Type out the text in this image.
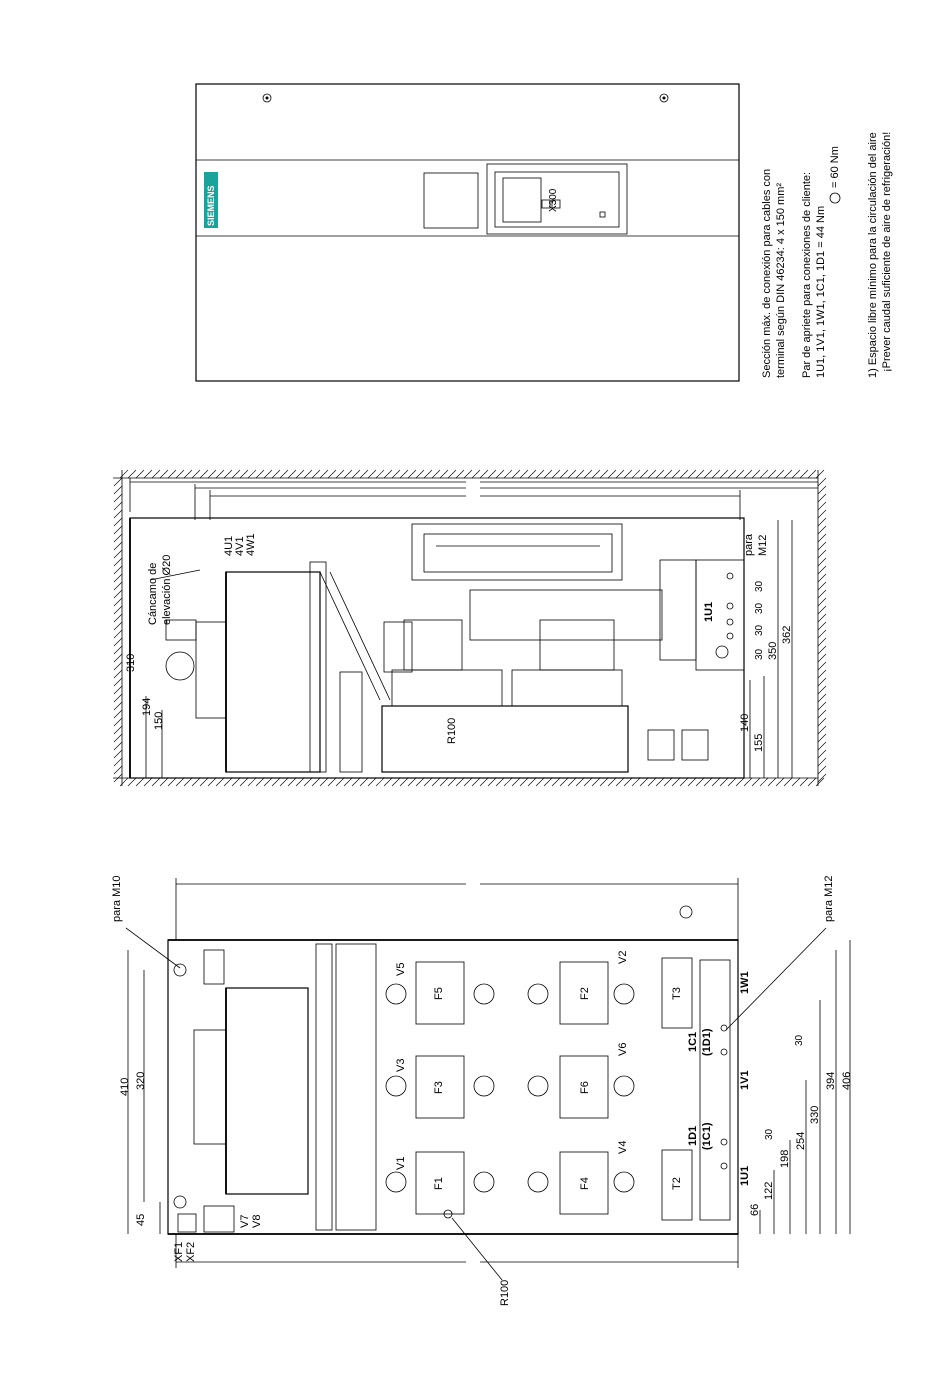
SIEMENS	X300	Sección máx. de conexión para cables con terminal según DIN 46234: 4 x 150 mm² Par de apriete para conexiones de cliente: 1U1, 1V1, 1W1, 1C1, 1D1 = 44 Nm
= 60 Nm 1) Espacio libre mínimo para la circulación del aire ¡Prever caudal suficiente de aire de refrigeración!
Cáncamo de elevación Ø20
4U1 4V1 4W1	para M12
1U1
R100
310
194
150	140
155
350
362
30
30
30
30
para M10	para M12
XF1 XF2
V1
V2
V3
V4
V5
V6
V7 V8
F1
F2
F3
F4
F5
F6
T2
T3
1U1
1V1
1W1
1C1 (1D1)
1D1 (1C1)
R100
410 320
45
66
122
198
254
330
394 406
30
30
